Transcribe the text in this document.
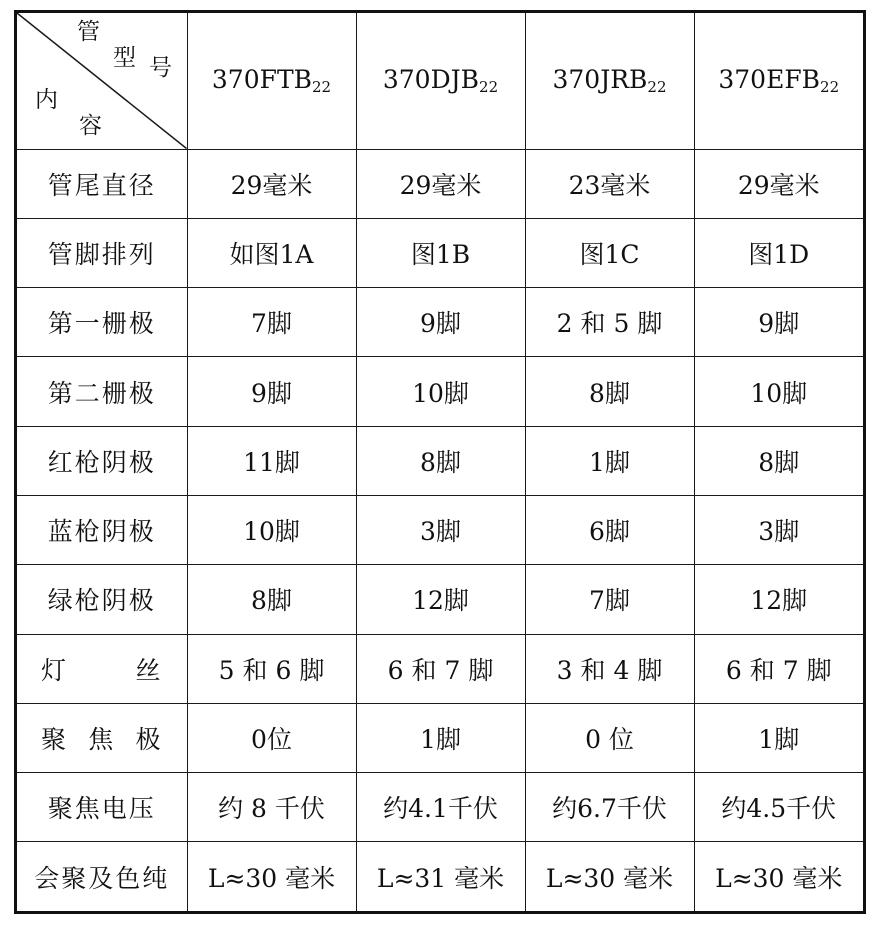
管
型 号
内
容	$370FTB_{22}$	$370DJB_{22}$	$370JRB_{22}$	$370EFB_{22}$
管尾直径	29毫米	29毫米	23毫米	29毫米
管脚排列	如图1A	图1B	图1C	图1D
第一栅极	7脚	9脚	2 和 5 脚	9脚
第二栅极	9脚	10脚	8脚	10脚
红枪阴极	11脚	8脚	1脚	8脚
蓝枪阴极	10脚	3脚	6脚	3脚
绿枪阴极	8脚	12脚	7脚	12脚
灯丝	5 和 6 脚	6 和 7 脚	3 和 4 脚	6 和 7 脚
聚焦极	0位	1脚	0 位	1脚
聚焦电压	约 8 千伏	约4.1千伏	约6.7千伏	约4.5千伏
会聚及色纯	L≈30 毫米	L≈31 毫米	L≈30 毫米	L≈30 毫米
